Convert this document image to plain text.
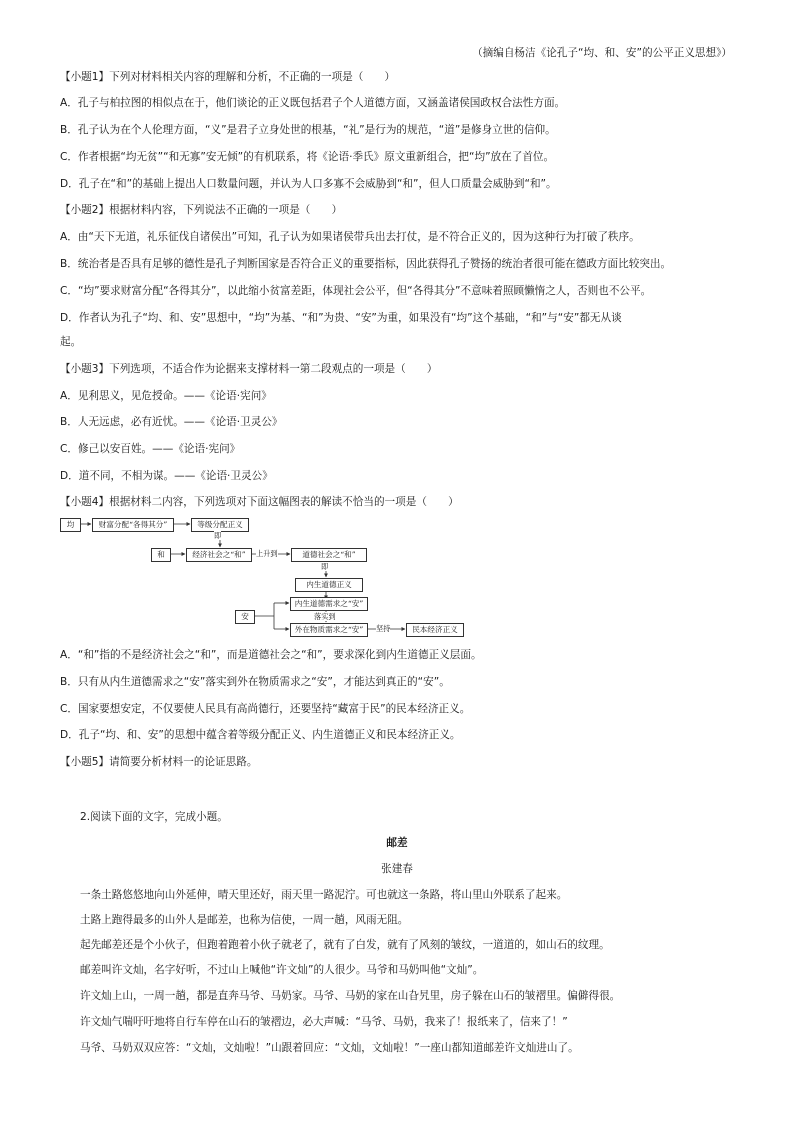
（摘编自杨洁《论孔子“均、和、安”的公平正义思想》）
【小题1】下列对材料相关内容的理解和分析，不正确的一项是（　　）
A．孔子与柏拉图的相似点在于，他们谈论的正义既包括君子个人道德方面，又涵盖诸侯国政权合法性方面。
B．孔子认为在个人伦理方面，“义”是君子立身处世的根基，“礼”是行为的规范，“道”是修身立世的信仰。
C．作者根据“均无贫”“和无寡”安无倾”的有机联系，将《论语·季氏》原文重新组合，把“均”放在了首位。
D．孔子在“和”的基础上提出人口数量问题，并认为人口多寡不会威胁到“和”，但人口质量会威胁到“和”。
【小题2】根据材料内容，下列说法不正确的一项是（　　）
A．由“天下无道，礼乐征伐自诸侯出”可知，孔子认为如果诸侯带兵出去打仗，是不符合正义的，因为这种行为打破了秩序。
B．统治者是否具有足够的德性是孔子判断国家是否符合正义的重要指标，因此获得孔子赞扬的统治者很可能在德政方面比较突出。
C．“均”要求财富分配“各得其分”，以此缩小贫富差距，体现社会公平，但“各得其分”不意味着照顾懒惰之人，否则也不公平。
D．作者认为孔子“均、和、安”思想中，“均”为基、“和”为贵、“安”为重，如果没有“均”这个基础，“和”与“安”都无从谈
起。
【小题3】下列选项，不适合作为论据来支撑材料一第二段观点的一项是（　　）
A．见利思义，见危授命。——《论语·宪问》
B．人无远虑，必有近忧。——《论语·卫灵公》
C．修己以安百姓。——《论语·宪问》
D．道不同，不相为谋。——《论语·卫灵公》
【小题4】根据材料二内容，下列选项对下面这幅图表的解读不恰当的一项是（　　）
均	财富分配“各得其分”	等级分配正义
即
和	经济社会之“和”	上升到	道德社会之“和”
即
内生道德正义
安
内生道德需求之“安”
落实到
外在物质需求之“安”	坚持	民本经济正义
A．“和”指的不是经济社会之“和”，而是道德社会之“和”，要求深化到内生道德正义层面。
B．只有从内生道德需求之“安”落实到外在物质需求之“安”，才能达到真正的“安”。
C．国家要想安定，不仅要使人民具有高尚德行，还要坚持“藏富于民”的民本经济正义。
D．孔子“均、和、安”的思想中蕴含着等级分配正义、内生道德正义和民本经济正义。
【小题5】请简要分析材料一的论证思路。
2.阅读下面的文字，完成小题。
邮差
张建春
一条土路悠悠地向山外延伸，晴天里还好，雨天里一路泥泞。可也就这一条路，将山里山外联系了起来。
土路上跑得最多的山外人是邮差，也称为信使，一周一趟，风雨无阻。
起先邮差还是个小伙子，但跑着跑着小伙子就老了，就有了白发，就有了风刻的皱纹，一道道的，如山石的纹理。
邮差叫许文灿，名字好听，不过山上喊他“许文灿”的人很少。马爷和马奶叫他“文灿”。
许文灿上山，一周一趟，都是直奔马爷、马奶家。马爷、马奶的家在山旮旯里，房子躲在山石的皱褶里。偏僻得很。
许文灿气喘吁吁地将自行车停在山石的皱褶边，必大声喊：“马爷、马奶，我来了！报纸来了，信来了！”
马爷、马奶双双应答：“文灿，文灿啦！”山跟着回应：“文灿，文灿啦！”一座山都知道邮差许文灿进山了。
